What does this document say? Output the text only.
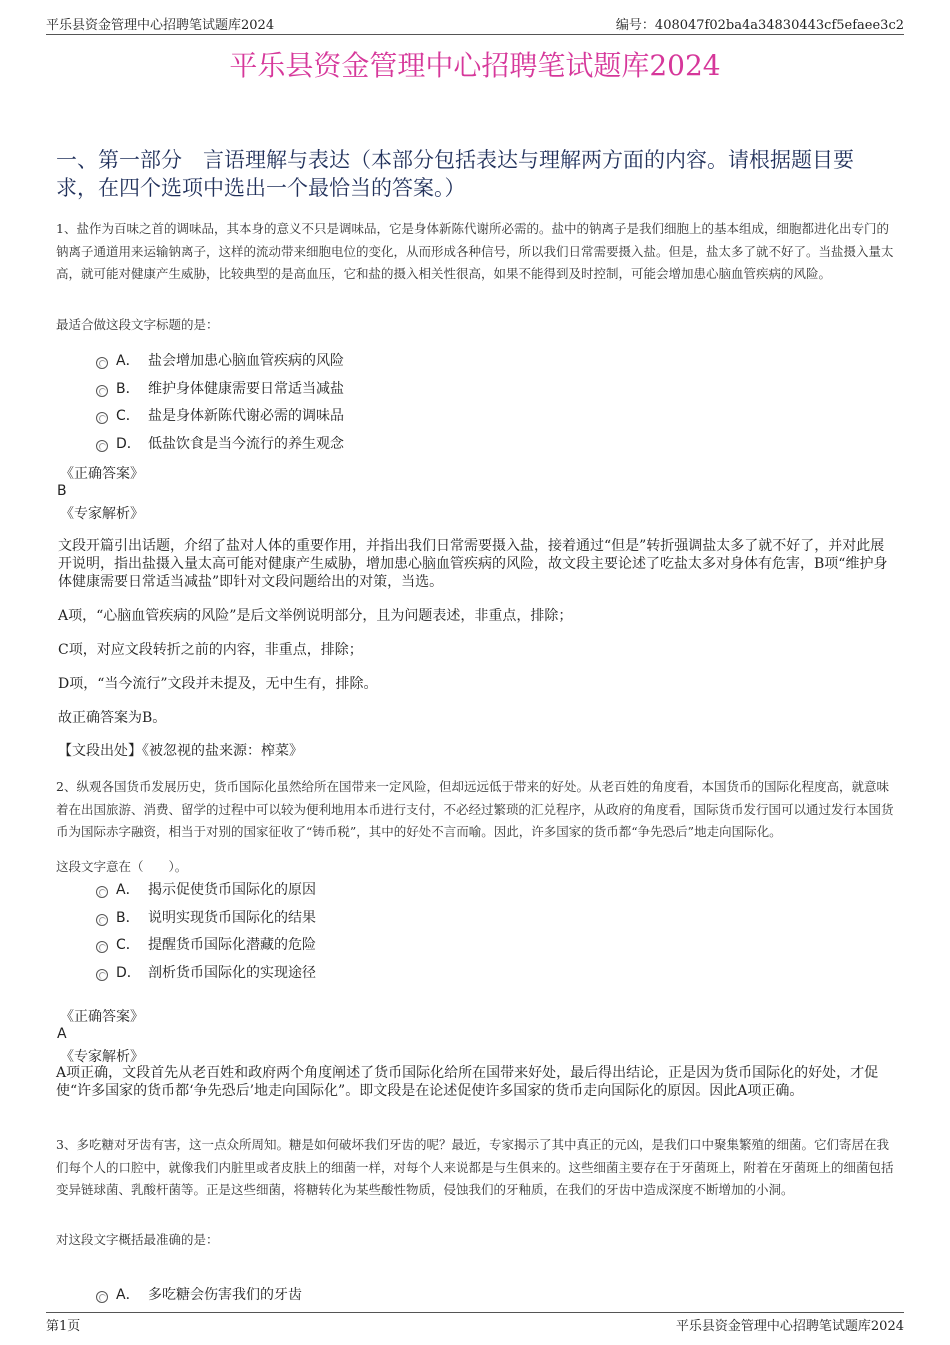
平乐县资金管理中心招聘笔试题库2024	编号：408047f02ba4a34830443cf5efaee3c2
平乐县资金管理中心招聘笔试题库2024
一、第一部分　言语理解与表达（本部分包括表达与理解两方面的内容。请根据题目要求，在四个选项中选出一个最恰当的答案。）
1、盐作为百味之首的调味品，其本身的意义不只是调味品，它是身体新陈代谢所必需的。盐中的钠离子是我们细胞上的基本组成，细胞都进化出专门的钠离子通道用来运输钠离子，这样的流动带来细胞电位的变化，从而形成各种信号，所以我们日常需要摄入盐。但是，盐太多了就不好了。当盐摄入量太高，就可能对健康产生威胁，比较典型的是高血压，它和盐的摄入相关性很高，如果不能得到及时控制，可能会增加患心脑血管疾病的风险。
最适合做这段文字标题的是：
A． 盐会增加患心脑血管疾病的风险
B． 维护身体健康需要日常适当减盐
C． 盐是身体新陈代谢必需的调味品
D． 低盐饮食是当今流行的养生观念
《正确答案》
B
《专家解析》
文段开篇引出话题，介绍了盐对人体的重要作用，并指出我们日常需要摄入盐，接着通过“但是”转折强调盐太多了就不好了，并对此展开说明，指出盐摄入量太高可能对健康产生威胁，增加患心脑血管疾病的风险，故文段主要论述了吃盐太多对身体有危害，B项“维护身体健康需要日常适当减盐”即针对文段问题给出的对策，当选。
A项，“心脑血管疾病的风险”是后文举例说明部分，且为问题表述，非重点，排除；
C项，对应文段转折之前的内容，非重点，排除；
D项，“当今流行”文段并未提及，无中生有，排除。
故正确答案为B。
【文段出处】《被忽视的盐来源：榨菜》
2、纵观各国货币发展历史，货币国际化虽然给所在国带来一定风险，但却远远低于带来的好处。从老百姓的角度看，本国货币的国际化程度高，就意味着在出国旅游、消费、留学的过程中可以较为便利地用本币进行支付，不必经过繁琐的汇兑程序，从政府的角度看，国际货币发行国可以通过发行本国货币为国际赤字融资，相当于对别的国家征收了“铸币税”，其中的好处不言而喻。因此，许多国家的货币都“争先恐后”地走向国际化。
这段文字意在（　　）。
A． 揭示促使货币国际化的原因
B． 说明实现货币国际化的结果
C． 提醒货币国际化潜藏的危险
D． 剖析货币国际化的实现途径
《正确答案》
A
《专家解析》
A项正确，文段首先从老百姓和政府两个角度阐述了货币国际化给所在国带来好处，最后得出结论，正是因为货币国际化的好处，才促使“许多国家的货币都‘争先恐后’地走向国际化”。即文段是在论述促使许多国家的货币走向国际化的原因。因此A项正确。
3、多吃糖对牙齿有害，这一点众所周知。糖是如何破坏我们牙齿的呢？最近，专家揭示了其中真正的元凶，是我们口中聚集繁殖的细菌。它们寄居在我们每个人的口腔中，就像我们内脏里或者皮肤上的细菌一样，对每个人来说都是与生俱来的。这些细菌主要存在于牙菌斑上，附着在牙菌斑上的细菌包括变异链球菌、乳酸杆菌等。正是这些细菌，将糖转化为某些酸性物质，侵蚀我们的牙釉质，在我们的牙齿中造成深度不断增加的小洞。
对这段文字概括最准确的是：
A． 多吃糖会伤害我们的牙齿
第1页	平乐县资金管理中心招聘笔试题库2024
